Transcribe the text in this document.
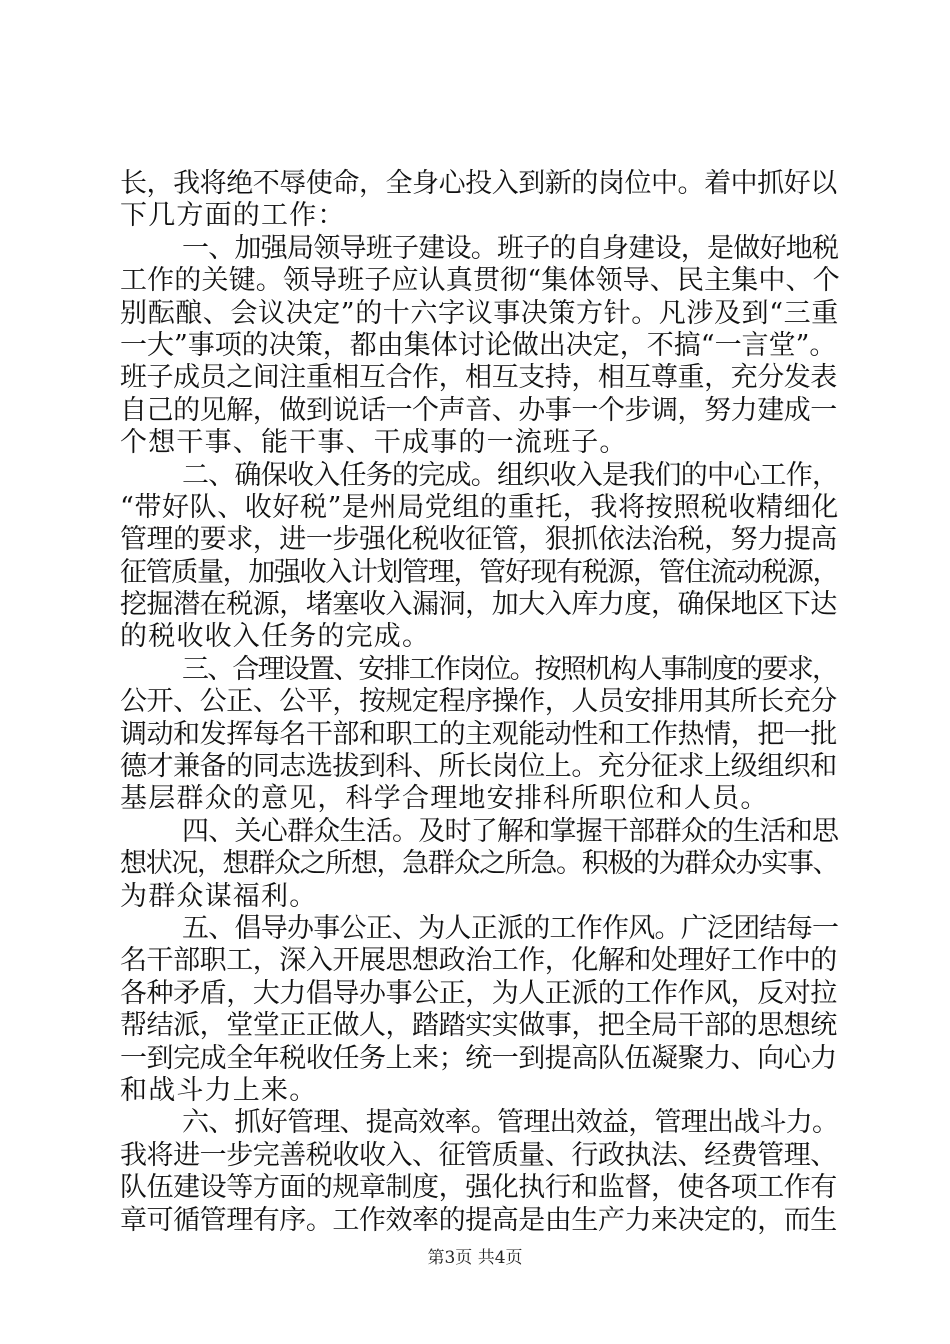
长，我将绝不辱使命，全身心投入到新的岗位中。着中抓好以
下几方面的工作：
一、加强局领导班子建设。班子的自身建设，是做好地税
工作的关键。领导班子应认真贯彻“集体领导、民主集中、个
别酝酿、会议决定”的十六字议事决策方针。凡涉及到“三重
一大”事项的决策，都由集体讨论做出决定，不搞“一言堂”。
班子成员之间注重相互合作，相互支持，相互尊重，充分发表
自己的见解，做到说话一个声音、办事一个步调，努力建成一
个想干事、能干事、干成事的一流班子。
二、确保收入任务的完成。组织收入是我们的中心工作，
“带好队、收好税”是州局党组的重托，我将按照税收精细化
管理的要求，进一步强化税收征管，狠抓依法治税，努力提高
征管质量，加强收入计划管理，管好现有税源，管住流动税源，
挖掘潜在税源，堵塞收入漏洞，加大入库力度，确保地区下达
的税收收入任务的完成。
三、合理设置、安排工作岗位。按照机构人事制度的要求，
公开、公正、公平，按规定程序操作，人员安排用其所长充分
调动和发挥每名干部和职工的主观能动性和工作热情，把一批
德才兼备的同志选拔到科、所长岗位上。充分征求上级组织和
基层群众的意见，科学合理地安排科所职位和人员。
四、关心群众生活。及时了解和掌握干部群众的生活和思
想状况，想群众之所想，急群众之所急。积极的为群众办实事、
为群众谋福利。
五、倡导办事公正、为人正派的工作作风。广泛团结每一
名干部职工，深入开展思想政治工作，化解和处理好工作中的
各种矛盾，大力倡导办事公正，为人正派的工作作风，反对拉
帮结派，堂堂正正做人，踏踏实实做事，把全局干部的思想统
一到完成全年税收任务上来；统一到提高队伍凝聚力、向心力
和战斗力上来。
六、抓好管理、提高效率。管理出效益，管理出战斗力。
我将进一步完善税收收入、征管质量、行政执法、经费管理、
队伍建设等方面的规章制度，强化执行和监督，使各项工作有
章可循管理有序。工作效率的提高是由生产力来决定的，而生
第3页 共4页
